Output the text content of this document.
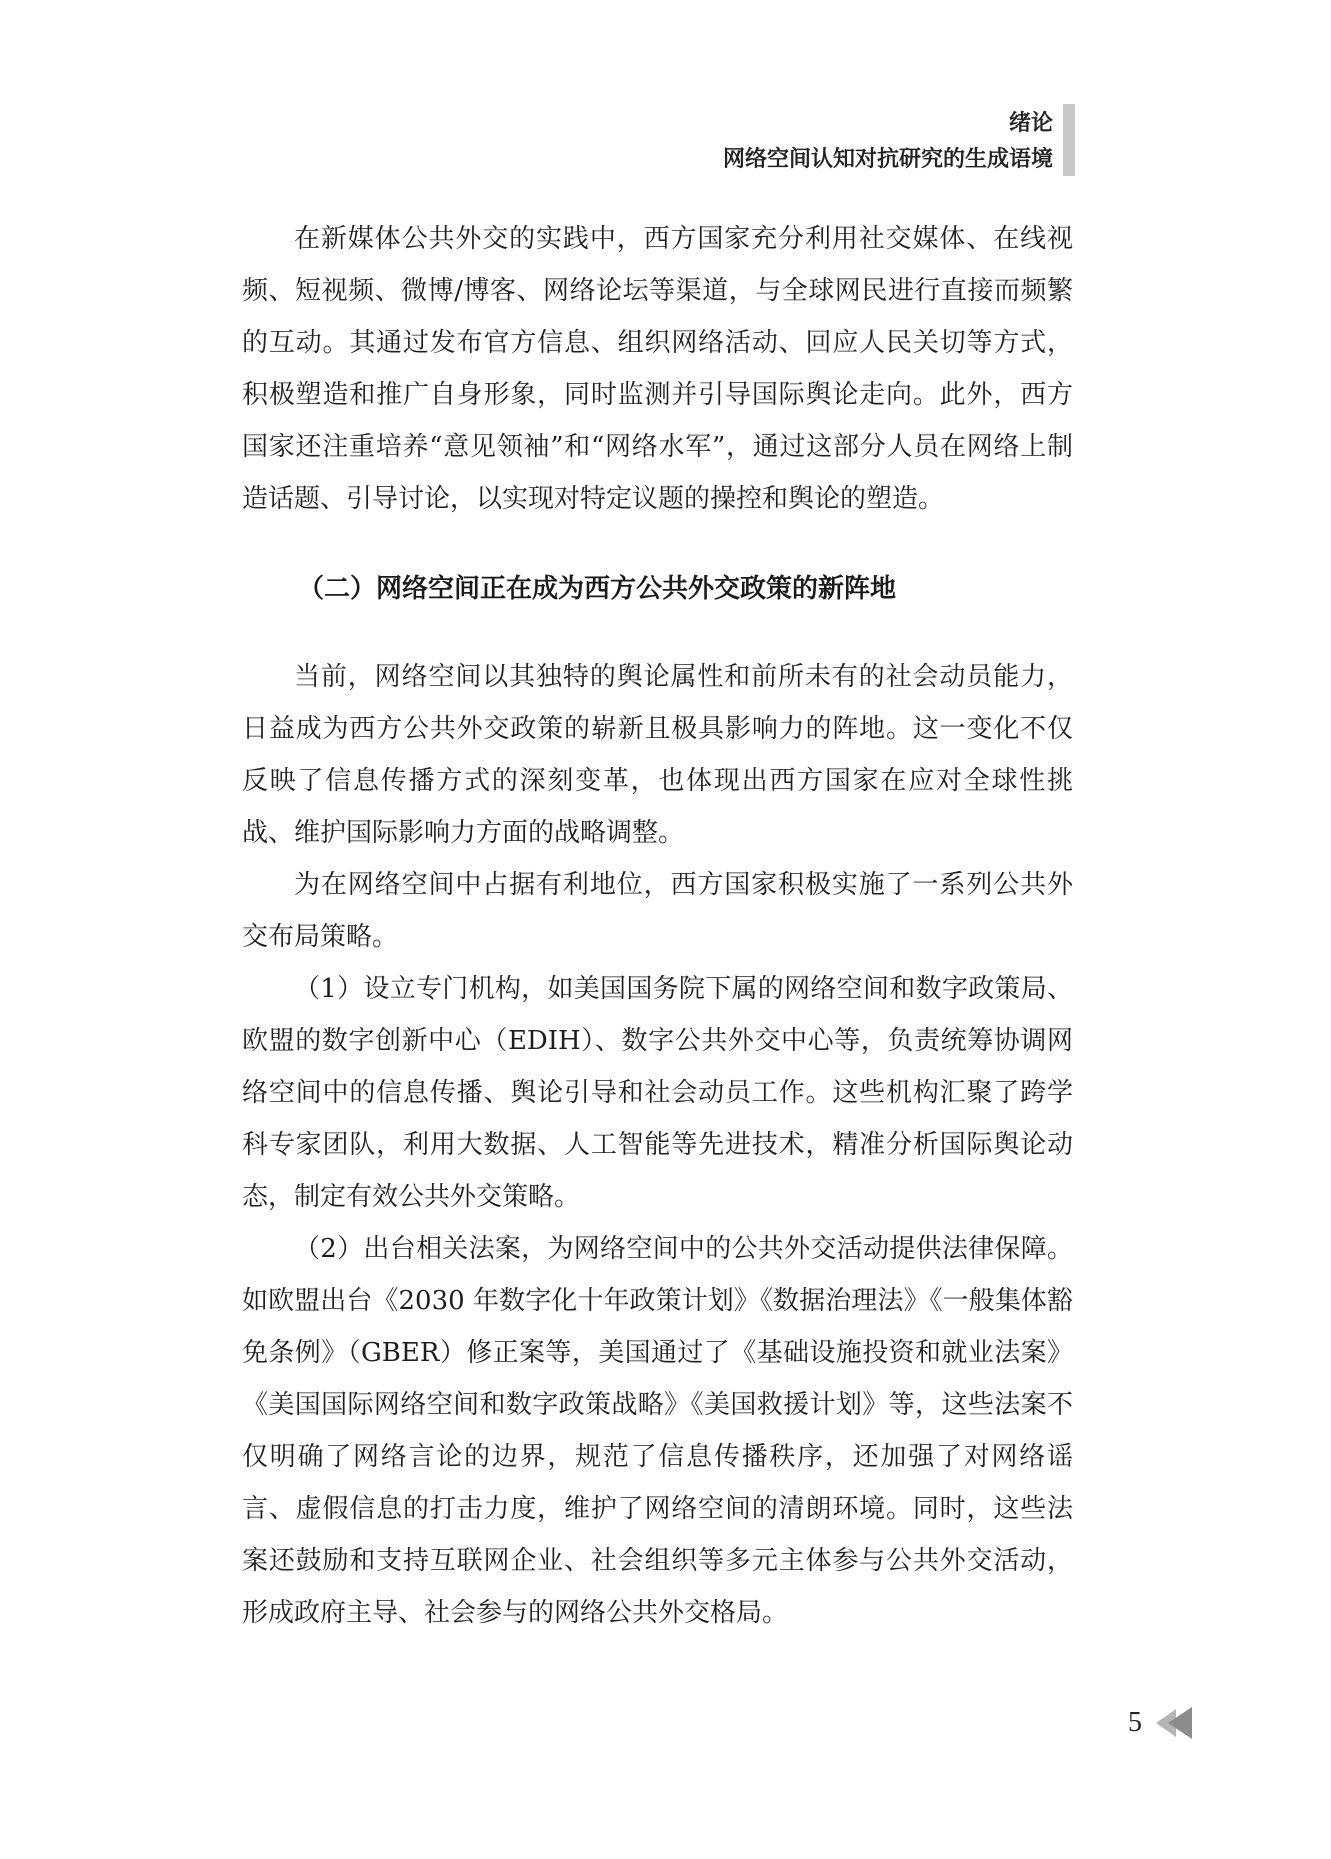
绪论
网络空间认知对抗研究的生成语境

在新媒体公共外交的实践中，西方国家充分利用社交媒体、在线视频、短视频、微博/博客、网络论坛等渠道，与全球网民进行直接而频繁的互动。其通过发布官方信息、组织网络活动、回应人民关切等方式，积极塑造和推广自身形象，同时监测并引导国际舆论走向。此外，西方国家还注重培养“意见领袖”和“网络水军”，通过这部分人员在网络上制造话题、引导讨论，以实现对特定议题的操控和舆论的塑造。

（二）网络空间正在成为西方公共外交政策的新阵地

当前，网络空间以其独特的舆论属性和前所未有的社会动员能力，日益成为西方公共外交政策的崭新且极具影响力的阵地。这一变化不仅反映了信息传播方式的深刻变革，也体现出西方国家在应对全球性挑战、维护国际影响力方面的战略调整。

为在网络空间中占据有利地位，西方国家积极实施了一系列公共外交布局策略。

（1）设立专门机构，如美国国务院下属的网络空间和数字政策局、欧盟的数字创新中心（EDIH）、数字公共外交中心等，负责统筹协调网络空间中的信息传播、舆论引导和社会动员工作。这些机构汇聚了跨学科专家团队，利用大数据、人工智能等先进技术，精准分析国际舆论动态，制定有效公共外交策略。

（2）出台相关法案，为网络空间中的公共外交活动提供法律保障。如欧盟出台《2030 年数字化十年政策计划》《数据治理法》《一般集体豁免条例》（GBER）修正案等，美国通过了《基础设施投资和就业法案》《美国国际网络空间和数字政策战略》《美国救援计划》等，这些法案不仅明确了网络言论的边界，规范了信息传播秩序，还加强了对网络谣言、虚假信息的打击力度，维护了网络空间的清朗环境。同时，这些法案还鼓励和支持互联网企业、社会组织等多元主体参与公共外交活动，形成政府主导、社会参与的网络公共外交格局。

5
